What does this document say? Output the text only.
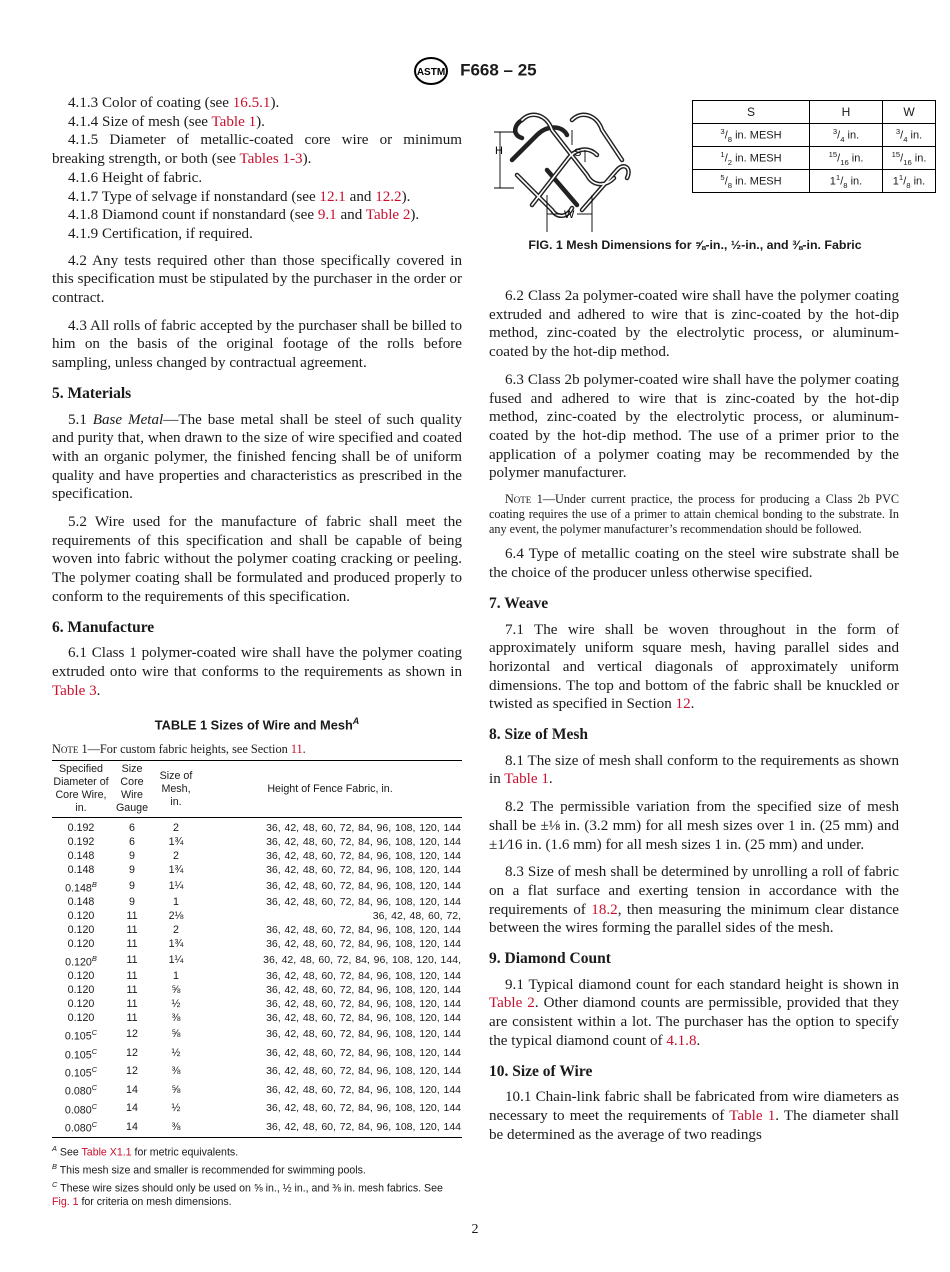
ASTM F668 – 25

4.1.3 Color of coating (see 16.5.1).

4.1.4 Size of mesh (see Table 1).

4.1.5 Diameter of metallic-coated core wire or minimum breaking strength, or both (see Tables 1-3).

4.1.6 Height of fabric.

4.1.7 Type of selvage if nonstandard (see 12.1 and 12.2).

4.1.8 Diamond count if nonstandard (see 9.1 and Table 2).

4.1.9 Certification, if required.

4.2 Any tests required other than those specifically covered in this specification must be stipulated by the purchaser in the order or contract.

4.3 All rolls of fabric accepted by the purchaser shall be billed to him on the basis of the original footage of the rolls before sampling, unless changed by contractual agreement.

5. Materials

5.1 Base Metal—The base metal shall be steel of such quality and purity that, when drawn to the size of wire specified and coated with an organic polymer, the finished fencing shall be of uniform quality and have properties and characteristics as prescribed in the specification.

5.2 Wire used for the manufacture of fabric shall meet the requirements of this specification and shall be capable of being woven into fabric without the polymer coating cracking or peeling. The polymer coating shall be formulated and produced properly to conform to the requirements of this specification.

6. Manufacture

6.1 Class 1 polymer-coated wire shall have the polymer coating extruded onto wire that conforms to the requirements as shown in Table 3.

TABLE 1 Sizes of Wire and Mesh$^A$
Note 1—For custom fabric heights, see Section 11.
Specified Diameter of Core Wire, in.	Size Core Wire Gauge	Size of Mesh, in.	Height of Fence Fabric, in.
0.192	6	2	36, 42, 48, 60, 72, 84, 96, 108, 120, 144
0.192	6	1¾	36, 42, 48, 60, 72, 84, 96, 108, 120, 144
0.148	9	2	36, 42, 48, 60, 72, 84, 96, 108, 120, 144
0.148	9	1¾	36, 42, 48, 60, 72, 84, 96, 108, 120, 144
$0.148^B$	9	1¼	36, 42, 48, 60, 72, 84, 96, 108, 120, 144
0.148	9	1	36, 42, 48, 60, 72, 84, 96, 108, 120, 144
0.120	11	2⅛	36, 42, 48, 60, 72,
0.120	11	2	36, 42, 48, 60, 72, 84, 96, 108, 120, 144
0.120	11	1¾	36, 42, 48, 60, 72, 84, 96, 108, 120, 144
$0.120^B$	11	1¼	36, 42, 48, 60, 72, 84, 96, 108, 120, 144,
0.120	11	1	36, 42, 48, 60, 72, 84, 96, 108, 120, 144
0.120	11	⅝	36, 42, 48, 60, 72, 84, 96, 108, 120, 144
0.120	11	½	36, 42, 48, 60, 72, 84, 96, 108, 120, 144
0.120	11	⅜	36, 42, 48, 60, 72, 84, 96, 108, 120, 144
$0.105^C$	12	⅝	36, 42, 48, 60, 72, 84, 96, 108, 120, 144
$0.105^C$	12	½	36, 42, 48, 60, 72, 84, 96, 108, 120, 144
$0.105^C$	12	⅜	36, 42, 48, 60, 72, 84, 96, 108, 120, 144
$0.080^C$	14	⅝	36, 42, 48, 60, 72, 84, 96, 108, 120, 144
$0.080^C$	14	½	36, 42, 48, 60, 72, 84, 96, 108, 120, 144
$0.080^C$	14	⅜	36, 42, 48, 60, 72, 84, 96, 108, 120, 144
$^A$ See Table X1.1 for metric equivalents.
$^B$ This mesh size and smaller is recommended for swimming pools.
$^C$ These wire sizes should only be used on ⅝ in., ½ in., and ⅜ in. mesh fabrics. See Fig. 1 for criteria on mesh dimensions.
H	S
W
S	H	W
$^3/_8$ in. MESH	$^3/_4$ in.	$^3/_4$ in.
$^1/_2$ in. MESH	$^{15}/_{16}$ in.	$^{15}/_{16}$ in.
$^5/_8$ in. MESH	$1^1/_8$ in.	$1^1/_8$ in.
FIG. 1 Mesh Dimensions for ⅝-in., ½-in., and ⅜-in. Fabric

6.2 Class 2a polymer-coated wire shall have the polymer coating extruded and adhered to wire that is zinc-coated by the hot-dip method, zinc-coated by the electrolytic process, or aluminum-coated by the hot-dip method.

6.3 Class 2b polymer-coated wire shall have the polymer coating fused and adhered to wire that is zinc-coated by the hot-dip method, zinc-coated by the electrolytic process, or aluminum-coated by the hot-dip method. The use of a primer prior to the application of a polymer coating may be recommended by the polymer manufacturer.

Note 1—Under current practice, the process for producing a Class 2b PVC coating requires the use of a primer to attain chemical bonding to the substrate. In any event, the polymer manufacturer’s recommendation should be followed.

6.4 Type of metallic coating on the steel wire substrate shall be the choice of the producer unless otherwise specified.

7. Weave

7.1 The wire shall be woven throughout in the form of approximately uniform square mesh, having parallel sides and horizontal and vertical diagonals of approximately uniform dimensions. The top and bottom of the fabric shall be knuckled or twisted as specified in Section 12.

8. Size of Mesh

8.1 The size of mesh shall conform to the requirements as shown in Table 1.

8.2 The permissible variation from the specified size of mesh shall be ±⅛ in. (3.2 mm) for all mesh sizes over 1 in. (25 mm) and ±1⁄16 in. (1.6 mm) for all mesh sizes 1 in. (25 mm) and under.

8.3 Size of mesh shall be determined by unrolling a roll of fabric on a flat surface and exerting tension in accordance with the requirements of 18.2, then measuring the minimum clear distance between the wires forming the parallel sides of the mesh.

9. Diamond Count

9.1 Typical diamond count for each standard height is shown in Table 2. Other diamond counts are permissible, provided that they are consistent within a lot. The purchaser has the option to specify the typical diamond count of 4.1.8.

10. Size of Wire

10.1 Chain-link fabric shall be fabricated from wire diameters as necessary to meet the requirements of Table 1. The diameter shall be determined as the average of two readings

2
